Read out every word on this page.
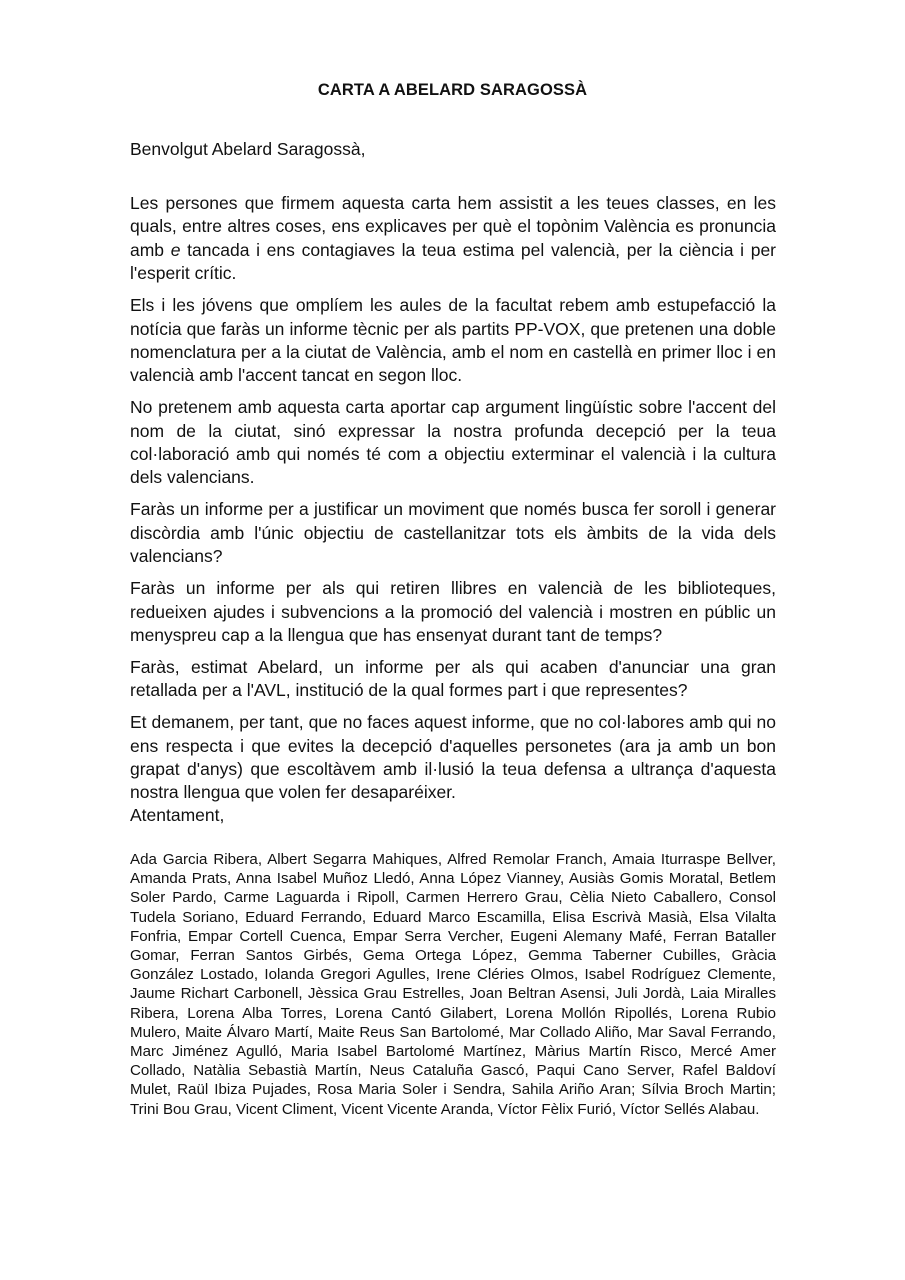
CARTA A ABELARD SARAGOSSÀ
Benvolgut Abelard Saragossà,

Les persones que firmem aquesta carta hem assistit a les teues classes, en les quals, entre altres coses, ens explicaves per què el topònim València es pronuncia amb e tancada i ens contagiaves la teua estima pel valencià, per la ciència i per l'esperit crític.

Els i les jóvens que omplíem les aules de la facultat rebem amb estupefacció la notícia que faràs un informe tècnic per als partits PP-VOX, que pretenen una doble nomenclatura per a la ciutat de València, amb el nom en castellà en primer lloc i en valencià amb l'accent tancat en segon lloc.

No pretenem amb aquesta carta aportar cap argument lingüístic sobre l'accent del nom de la ciutat, sinó expressar la nostra profunda decepció per la teua col·laboració amb qui només té com a objectiu exterminar el valencià i la cultura dels valencians.

Faràs un informe per a justificar un moviment que només busca fer soroll i generar discòrdia amb l'únic objectiu de castellanitzar tots els àmbits de la vida dels valencians?

Faràs un informe per als qui retiren llibres en valencià de les biblioteques, redueixen ajudes i subvencions a la promoció del valencià i mostren en públic un menyspreu cap a la llengua que has ensenyat durant tant de temps?

Faràs, estimat Abelard, un informe per als qui acaben d'anunciar una gran retallada per a l'AVL, institució de la qual formes part i que representes?

Et demanem, per tant, que no faces aquest informe, que no col·labores amb qui no ens respecta i que evites la decepció d'aquelles personetes (ara ja amb un bon grapat d'anys) que escoltàvem amb il·lusió la teua defensa a ultrança d'aquesta nostra llengua que volen fer desaparéixer.

Atentament,
Ada Garcia Ribera, Albert Segarra Mahiques, Alfred Remolar Franch, Amaia Iturraspe Bellver, Amanda Prats, Anna Isabel Muñoz Lledó, Anna López Vianney, Ausiàs Gomis Moratal, Betlem Soler Pardo, Carme Laguarda i Ripoll, Carmen Herrero Grau, Cèlia Nieto Caballero, Consol Tudela Soriano, Eduard Ferrando, Eduard Marco Escamilla, Elisa Escrivà Masià, Elsa Vilalta Fonfria, Empar Cortell Cuenca, Empar Serra Vercher, Eugeni Alemany Mafé, Ferran Bataller Gomar, Ferran Santos Girbés, Gema Ortega López, Gemma Taberner Cubilles, Gràcia González Lostado, Iolanda Gregori Agulles, Irene Cléries Olmos, Isabel Rodríguez Clemente, Jaume Richart Carbonell, Jèssica Grau Estrelles, Joan Beltran Asensi, Juli Jordà, Laia Miralles Ribera, Lorena Alba Torres, Lorena Cantó Gilabert, Lorena Mollón Ripollés, Lorena Rubio Mulero, Maite Álvaro Martí, Maite Reus San Bartolomé, Mar Collado Aliño, Mar Saval Ferrando, Marc Jiménez Agulló, Maria Isabel Bartolomé Martínez, Màrius Martín Risco, Mercé Amer Collado, Natàlia Sebastià Martín, Neus Cataluña Gascó, Paqui Cano Server, Rafel Baldoví Mulet, Raül Ibiza Pujades, Rosa Maria Soler i Sendra, Sahila Ariño Aran; Sílvia Broch Martin; Trini Bou Grau, Vicent Climent, Vicent Vicente Aranda, Víctor Fèlix Furió, Víctor Sellés Alabau.
